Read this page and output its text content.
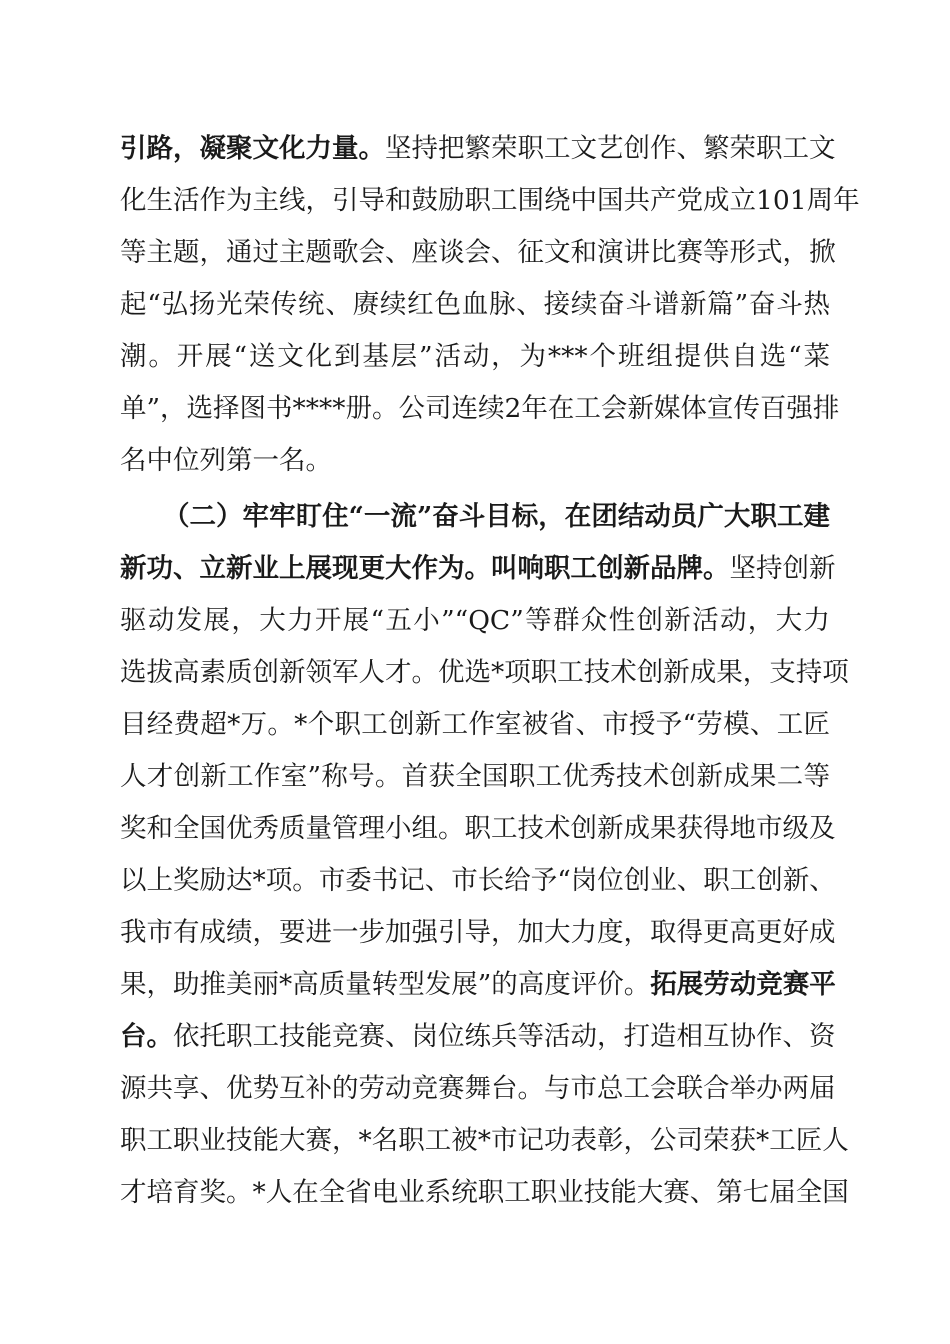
引路，凝聚文化力量。坚持把繁荣职工文艺创作、繁荣职工文
化生活作为主线，引导和鼓励职工围绕中国共产党成立101周年
等主题，通过主题歌会、座谈会、征文和演讲比赛等形式，掀
起“弘扬光荣传统、赓续红色血脉、接续奋斗谱新篇”奋斗热
潮。开展“送文化到基层”活动，为***个班组提供自选“菜
单”，选择图书****册。公司连续2年在工会新媒体宣传百强排
名中位列第一名。
（二）牢牢盯住“一流”奋斗目标，在团结动员广大职工建
新功、立新业上展现更大作为。叫响职工创新品牌。坚持创新
驱动发展，大力开展“五小”“QC”等群众性创新活动，大力
选拔高素质创新领军人才。优选*项职工技术创新成果，支持项
目经费超*万。*个职工创新工作室被省、市授予“劳模、工匠
人才创新工作室”称号。首获全国职工优秀技术创新成果二等
奖和全国优秀质量管理小组。职工技术创新成果获得地市级及
以上奖励达*项。市委书记、市长给予“岗位创业、职工创新、
我市有成绩，要进一步加强引导，加大力度，取得更高更好成
果，助推美丽*高质量转型发展”的高度评价。拓展劳动竞赛平
台。依托职工技能竞赛、岗位练兵等活动，打造相互协作、资
源共享、优势互补的劳动竞赛舞台。与市总工会联合举办两届
职工职业技能大赛，*名职工被*市记功表彰，公司荣获*工匠人
才培育奖。*人在全省电业系统职工职业技能大赛、第七届全国
